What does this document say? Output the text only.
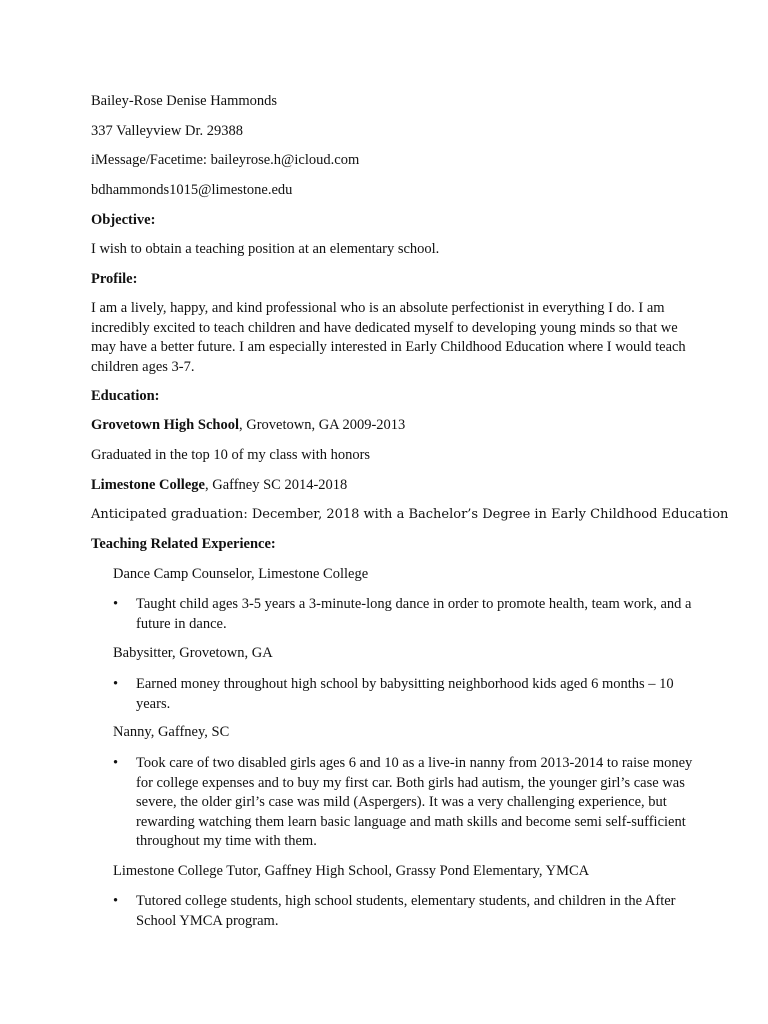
Bailey-Rose Denise Hammonds
337 Valleyview Dr. 29388
iMessage/Facetime: baileyrose.h@icloud.com
bdhammonds1015@limestone.edu
Objective:
I wish to obtain a teaching position at an elementary school.
Profile:
I am a lively, happy, and kind professional who is an absolute perfectionist in everything I do. I am incredibly excited to teach children and have dedicated myself to developing young minds so that we may have a better future. I am especially interested in Early Childhood Education where I would teach children ages 3-7.
Education:
Grovetown High School, Grovetown, GA 2009-2013
Graduated in the top 10 of my class with honors
Limestone College, Gaffney SC 2014-2018
Anticipated graduation: December, 2018 with a Bachelor’s Degree in Early Childhood Education
Teaching Related Experience:
Dance Camp Counselor, Limestone College
•	Taught child ages 3-5 years a 3-minute-long dance in order to promote health, team work, and a future in dance.
Babysitter, Grovetown, GA
•	Earned money throughout high school by babysitting neighborhood kids aged 6 months – 10 years.
Nanny, Gaffney, SC
•	Took care of two disabled girls ages 6 and 10 as a live-in nanny from 2013-2014 to raise money for college expenses and to buy my first car. Both girls had autism, the younger girl’s case was severe, the older girl’s case was mild (Aspergers). It was a very challenging experience, but rewarding watching them learn basic language and math skills and become semi self-sufficient throughout my time with them.
Limestone College Tutor, Gaffney High School, Grassy Pond Elementary, YMCA
•	Tutored college students, high school students, elementary students, and children in the After School YMCA program.
